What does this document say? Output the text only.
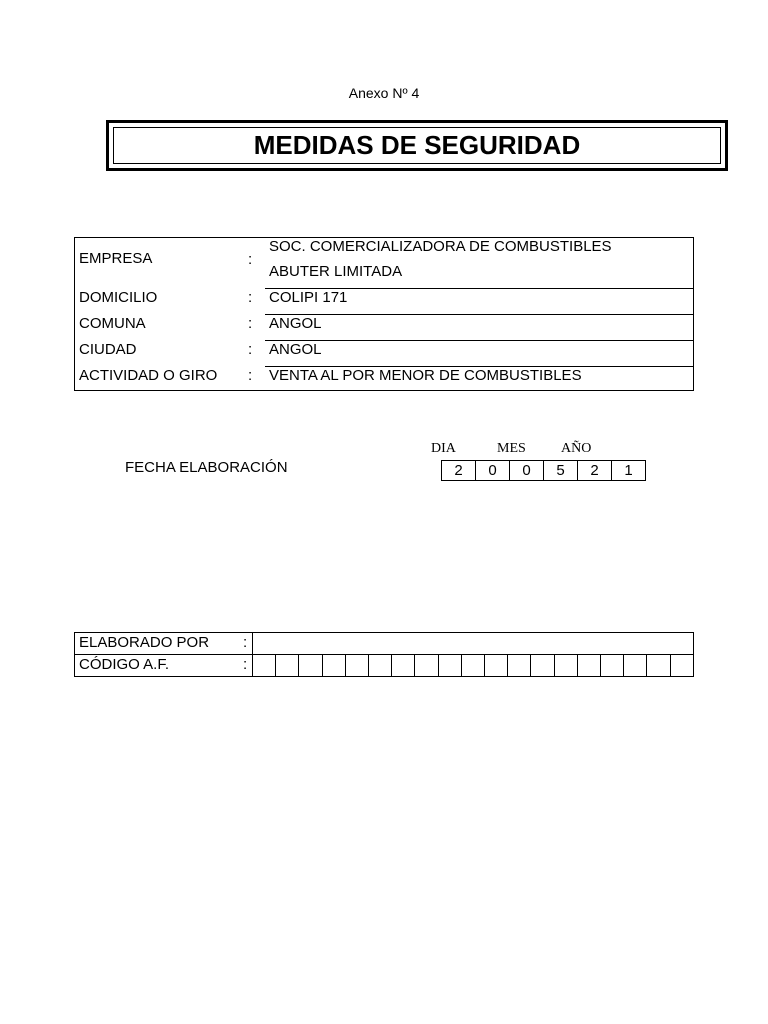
Anexo Nº 4
MEDIDAS DE SEGURIDAD
EMPRESA	:
SOC. COMERCIALIZADORA DE COMBUSTIBLES
ABUTER LIMITADA
DOMICILIO	: COLIPI 171
COMUNA	: ANGOL
CIUDAD	: ANGOL
ACTIVIDAD O GIRO : VENTA AL POR MENOR DE COMBUSTIBLES
FECHA ELABORACIÓN
DIA	MES	AÑO
2	0	0	5	2	1
ELABORADO POR :
CÓDIGO A.F.	:
